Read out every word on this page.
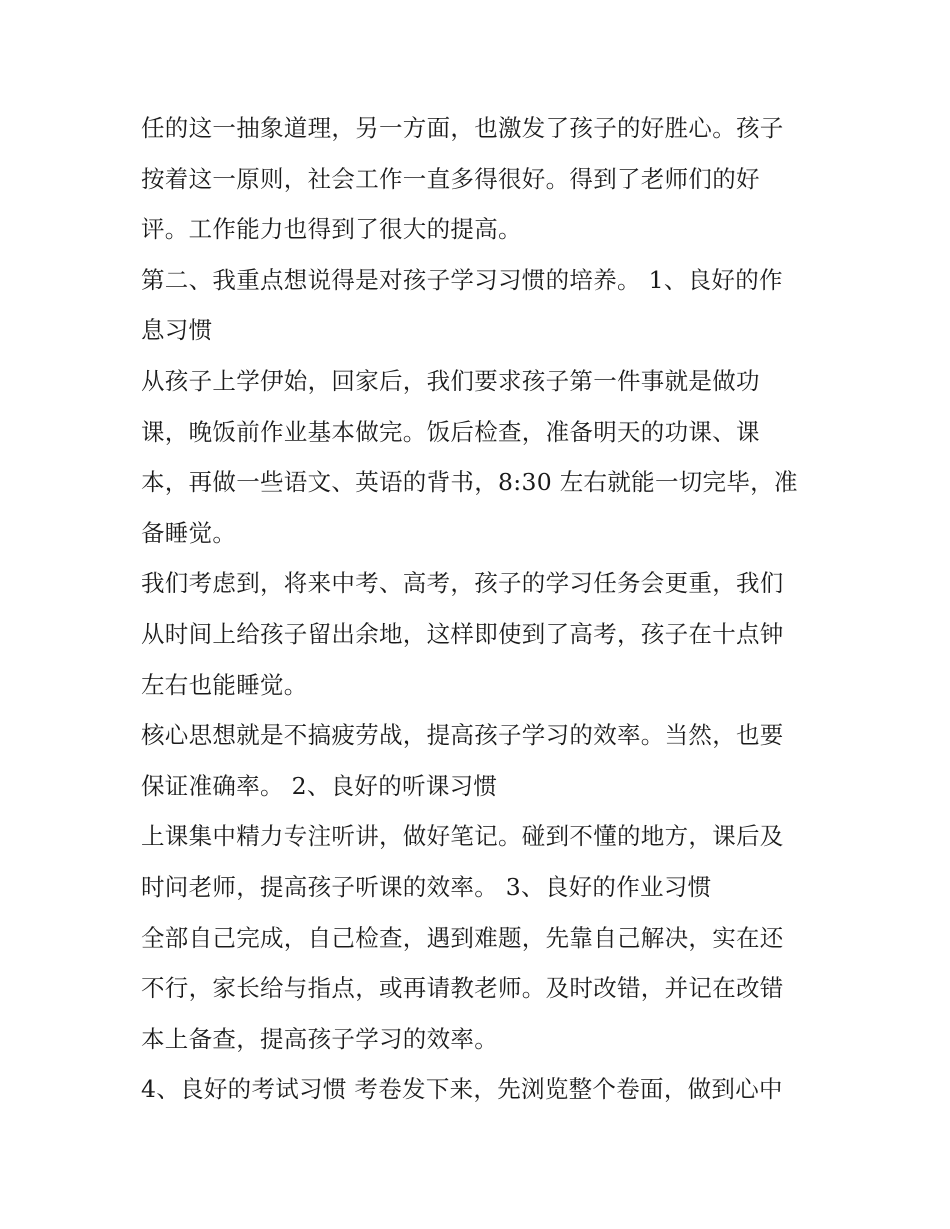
任的这一抽象道理，另一方面，也激发了孩子的好胜心。孩子
按着这一原则，社会工作一直多得很好。得到了老师们的好
评。工作能力也得到了很大的提高。
第二、我重点想说得是对孩子学习习惯的培养。 1、良好的作
息习惯
从孩子上学伊始，回家后，我们要求孩子第一件事就是做功
课，晚饭前作业基本做完。饭后检查，准备明天的功课、课
本，再做一些语文、英语的背书，8:30 左右就能一切完毕，准
备睡觉。
我们考虑到，将来中考、高考，孩子的学习任务会更重，我们
从时间上给孩子留出余地，这样即使到了高考，孩子在十点钟
左右也能睡觉。
核心思想就是不搞疲劳战，提高孩子学习的效率。当然，也要
保证准确率。 2、良好的听课习惯
上课集中精力专注听讲，做好笔记。碰到不懂的地方，课后及
时问老师，提高孩子听课的效率。 3、良好的作业习惯
全部自己完成，自己检查，遇到难题，先靠自己解决，实在还
不行，家长给与指点，或再请教老师。及时改错，并记在改错
本上备查，提高孩子学习的效率。
4、良好的考试习惯 考卷发下来，先浏览整个卷面，做到心中
